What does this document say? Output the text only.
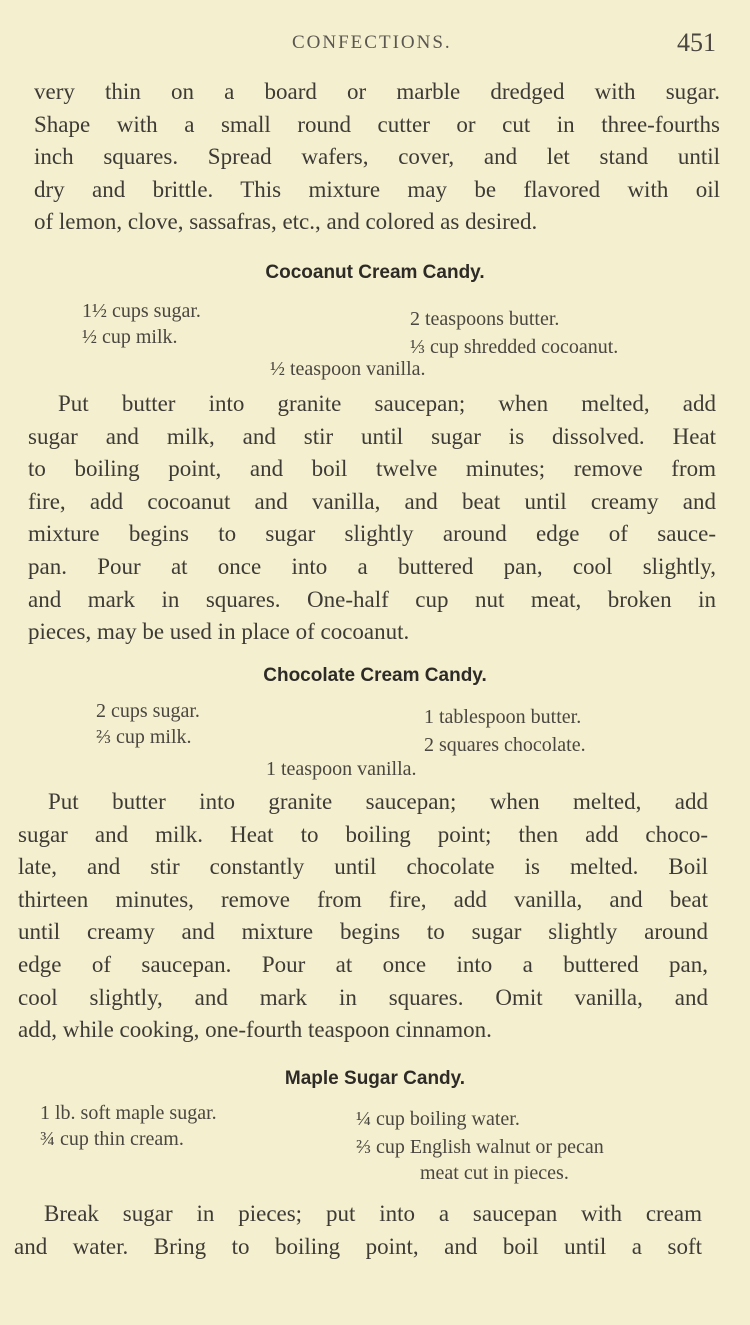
CONFECTIONS.	451

very thin on a board or marble dredged with sugar.
Shape with a small round cutter or cut in three-fourths
inch squares. Spread wafers, cover, and let stand until
dry and brittle. This mixture may be flavored with oil
of lemon, clove, sassafras, etc., and colored as desired.

Cocoanut Cream Candy.
1½ cups sugar.
½ cup milk.
2 teaspoons butter.
⅓ cup shredded cocoanut.
½ teaspoon vanilla.

Put butter into granite saucepan; when melted, add
sugar and milk, and stir until sugar is dissolved. Heat
to boiling point, and boil twelve minutes; remove from
fire, add cocoanut and vanilla, and beat until creamy and
mixture begins to sugar slightly around edge of sauce-
pan. Pour at once into a buttered pan, cool slightly,
and mark in squares. One-half cup nut meat, broken in
pieces, may be used in place of cocoanut.

Chocolate Cream Candy.
2 cups sugar.
⅔ cup milk.
1 tablespoon butter.
2 squares chocolate.
1 teaspoon vanilla.

Put butter into granite saucepan; when melted, add
sugar and milk. Heat to boiling point; then add choco-
late, and stir constantly until chocolate is melted. Boil
thirteen minutes, remove from fire, add vanilla, and beat
until creamy and mixture begins to sugar slightly around
edge of saucepan. Pour at once into a buttered pan,
cool slightly, and mark in squares. Omit vanilla, and
add, while cooking, one-fourth teaspoon cinnamon.

Maple Sugar Candy.
1 lb. soft maple sugar.
¾ cup thin cream.
¼ cup boiling water.
⅔ cup English walnut or pecan
meat cut in pieces.

Break sugar in pieces; put into a saucepan with cream
and water. Bring to boiling point, and boil until a soft
